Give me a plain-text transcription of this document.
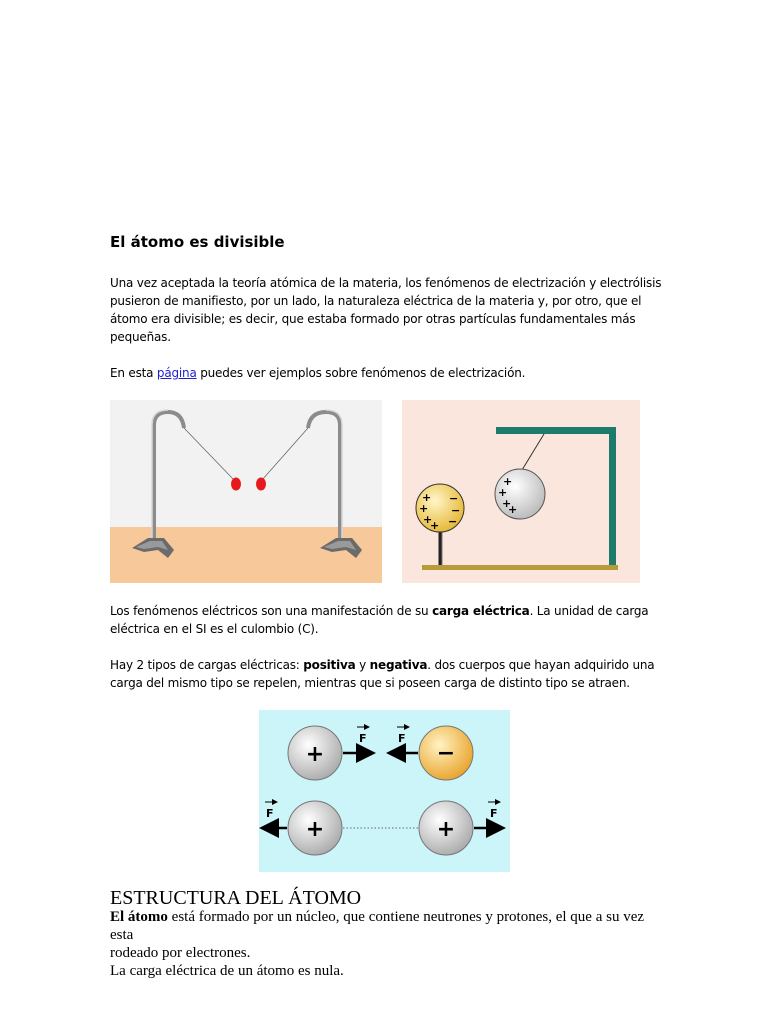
El átomo es divisible
Una vez aceptada la teoría atómica de la materia, los fenómenos de electrización y electrólisis pusieron de manifiesto, por un lado, la naturaleza eléctrica de la materia y, por otro, que el átomo era divisible; es decir, que estaba formado por otras partículas fundamentales más pequeñas.
En esta página puedes ver ejemplos sobre fenómenos de electrización.
+
+
+
+
+
+
+
+
−
−
−
Los fenómenos eléctricos son una manifestación de su carga eléctrica. La unidad de carga eléctrica en el SI es el culombio (C).
Hay 2 tipos de cargas eléctricas: positiva y negativa. dos cuerpos que hayan adquirido una carga del mismo tipo se repelen, mientras que si poseen carga de distinto tipo se atraen.
+
F
−
F
+
F
+
F
ESTRUCTURA DEL ÁTOMO
El átomo está formado por un núcleo, que contiene neutrones y protones, el que a su vez esta
rodeado por electrones.
La carga eléctrica de un átomo es nula.
